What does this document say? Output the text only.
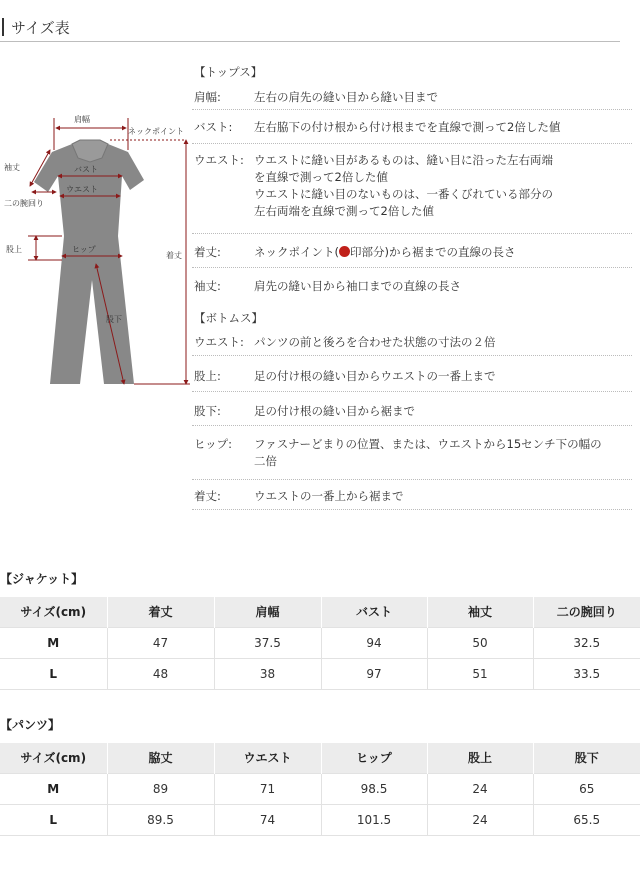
サイズ表
肩幅
ネックポイント
袖丈	バスト
ウエスト
二の腕回り
股上	ヒップ
着丈
股下
【トップス】
肩幅:	左右の肩先の縫い目から縫い目まで
バスト: 左右脇下の付け根から付け根までを直線で測って2倍した値
ウエスト: ウエストに縫い目があるものは、縫い目に沿った左右両端
を直線で測って2倍した値
ウエストに縫い目のないものは、一番くびれている部分の
左右両端を直線で測って2倍した値
着丈:	ネックポイント( 印部分)から裾までの直線の長さ
袖丈:	肩先の縫い目から袖口までの直線の長さ
【ボトムス】
ウエスト: パンツの前と後ろを合わせた状態の寸法の２倍
股上:	足の付け根の縫い目からウエストの一番上まで
股下:	足の付け根の縫い目から裾まで
ヒップ: ファスナーどまりの位置、または、ウエストから15センチ下の幅の
二倍
着丈:	ウエストの一番上から裾まで
【ジャケット】
サイズ(cm)	着丈	肩幅	バスト	袖丈	二の腕回り
M	47	37.5	94	50	32.5
L	48	38	97	51	33.5
【パンツ】
サイズ(cm)	脇丈	ウエスト	ヒップ	股上	股下
M	89	71	98.5	24	65
L	89.5	74	101.5	24	65.5
